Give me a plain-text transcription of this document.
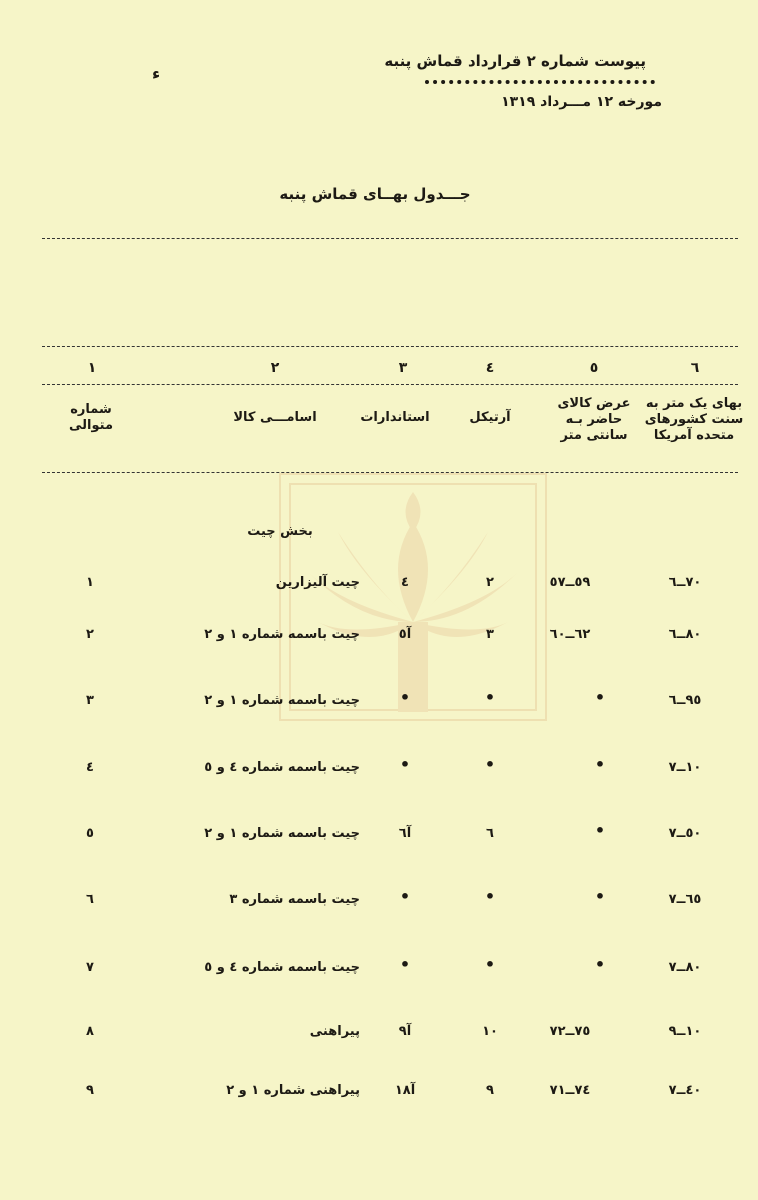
ء
پیوست شماره ۲ قرارداد قماش پنبه
مورخه ۱۲ مـــرداد ۱۳۱۹
جـــدول بهــای قماش پنبه
١	٢	٣	٤	٥	٦
شماره
متوالی
اسامـــی کالا	استاندارات	آرتیکل
عرض کالای
حاضر بـه
سانتی متر
بهای یک متر به
سنت کشورهای
متحده آمریکا
بخش چیت
١	چیت آلیزارین	٤	٢	٥٩ــ٥٧	٧٠ــ٦
٢	چیت باسمه شماره ۱ و ۲	آ٥	٣	٦٢ــ٦٠	٨٠ــ٦
٣	چیت باسمه شماره ۱ و ۲	•	•	•	٩٥ــ٦
٤	چیت باسمه شماره ٤ و ٥	•	•	•	١٠ــ٧
٥	چیت باسمه شماره ۱ و ۲	آ٦	٦	•	٥٠ــ٧
٦	چیت باسمه شماره ٣	•	•	•	٦٥ــ٧
٧	چیت باسمه شماره ٤ و ٥	•	•	•	٨٠ــ٧
٨	پیراهنی	آ٩	١٠	٧٥ــ٧٢	١٠ــ٩
٩	پیراهنی شماره ۱ و ۲	آ١٨	٩	٧٤ــ٧١	٤٠ــ٧
